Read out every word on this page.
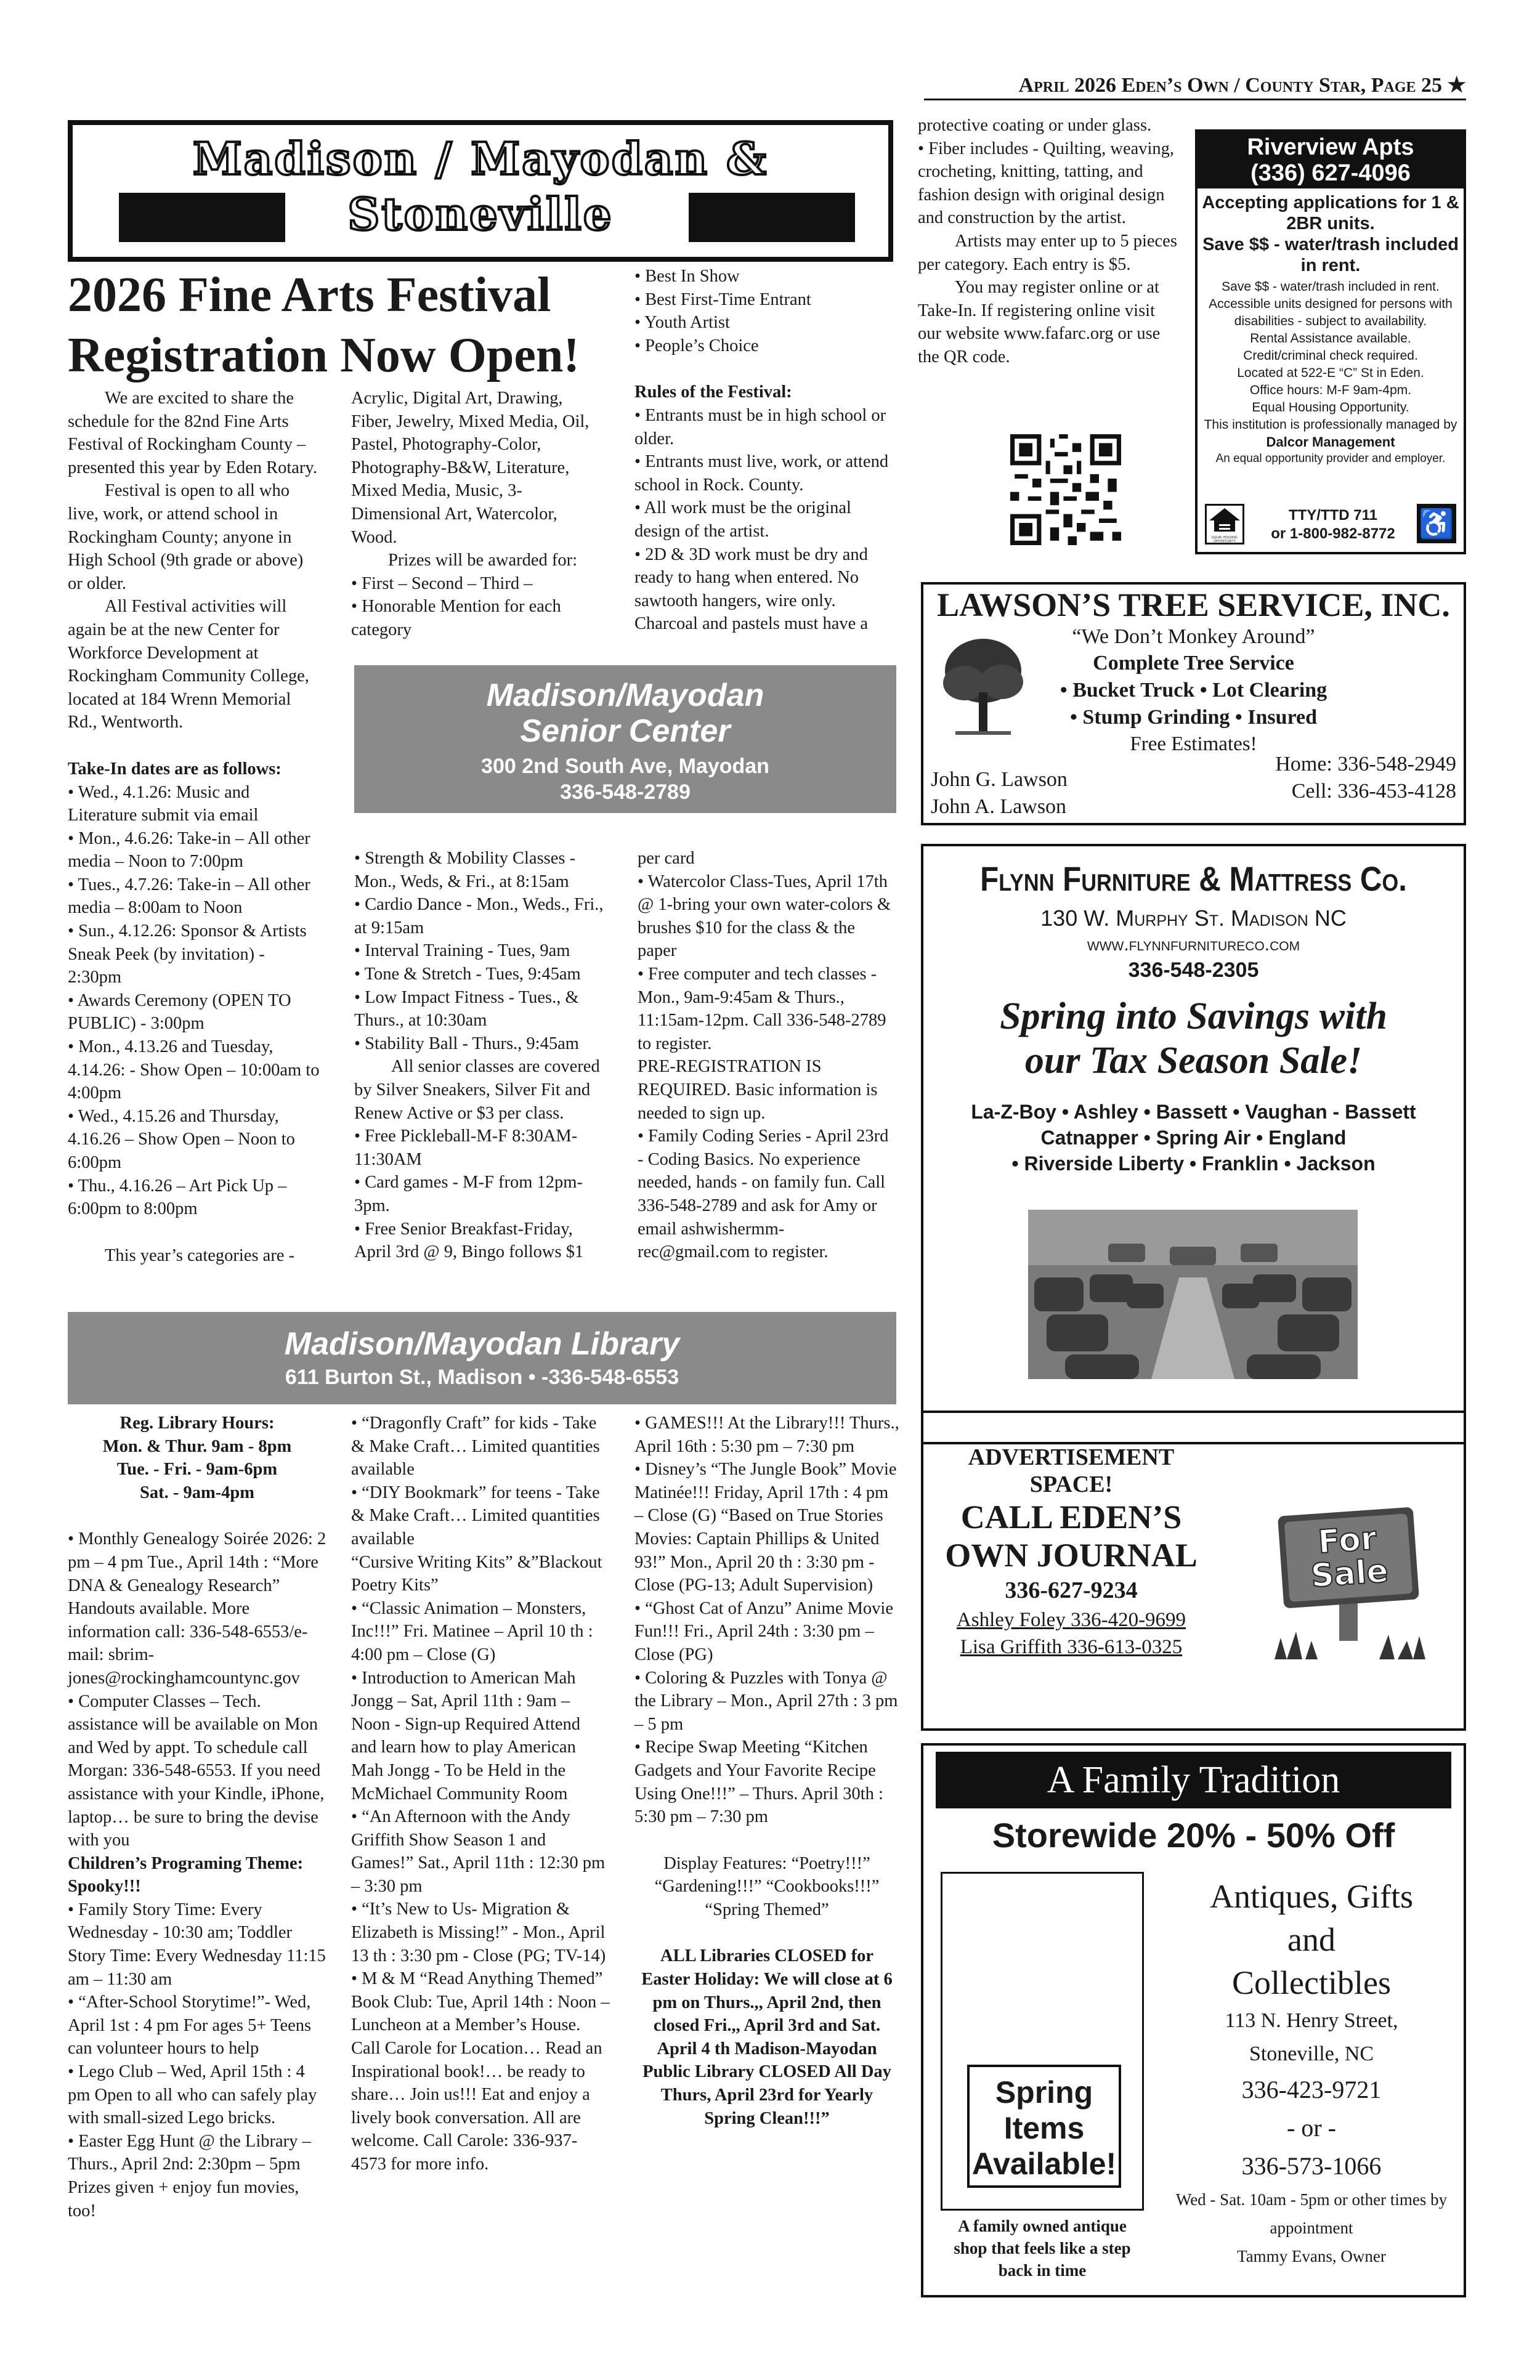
April 2026 Eden’s Own / County Star, Page 25 ★
Madison / Mayodan &
Stoneville
2026 Fine Arts Festival
Registration Now Open!

We are excited to share the schedule for the 82nd Fine Arts Festival of Rockingham County – presented this year by Eden Rotary.

Festival is open to all who live, work, or attend school in Rockingham County; anyone in High School (9th grade or above) or older.

All Festival activities will again be at the new Center for Workforce Development at Rockingham Community College, located at 184 Wrenn Memorial Rd., Wentworth.

Take-In dates are as follows:

• Wed., 4.1.26: Music and Literature submit via email

• Mon., 4.6.26: Take-in – All other media – Noon to 7:00pm

• Tues., 4.7.26: Take-in – All other media – 8:00am to Noon

• Sun., 4.12.26: Sponsor & Artists Sneak Peek (by invitation) - 2:30pm

• Awards Ceremony (OPEN TO PUBLIC) - 3:00pm

• Mon., 4.13.26 and Tuesday, 4.14.26: - Show Open – 10:00am to 4:00pm

• Wed., 4.15.26 and Thursday, 4.16.26 – Show Open – Noon to 6:00pm

• Thu., 4.16.26 – Art Pick Up – 6:00pm to 8:00pm

This year’s categories are -

Acrylic, Digital Art, Drawing, Fiber, Jewelry, Mixed Media, Oil, Pastel, Photography-Color, Photography-B&W, Literature, Mixed Media, Music, 3-Dimensional Art, Watercolor, Wood.

Prizes will be awarded for:

• First – Second – Third –

• Honorable Mention for each category

• Best In Show

• Best First-Time Entrant

• Youth Artist

• People’s Choice

Rules of the Festival:

• Entrants must be in high school or older.

• Entrants must live, work, or attend school in Rock. County.

• All work must be the original design of the artist.

• 2D & 3D work must be dry and ready to hang when entered. No sawtooth hangers, wire only. Charcoal and pastels must have a

protective coating or under glass.

• Fiber includes - Quilting, weaving, crocheting, knitting, tatting, and fashion design with original design and construction by the artist.

Artists may enter up to 5 pieces per category. Each entry is $5.

You may register online or at Take-In. If registering online visit our website www.fafarc.org or use the QR code.

Madison/Mayodan
Senior Center
300 2nd South Ave, Mayodan
336-548-2789

• Strength & Mobility Classes - Mon., Weds, & Fri., at 8:15am

• Cardio Dance - Mon., Weds., Fri., at 9:15am

• Interval Training - Tues, 9am

• Tone & Stretch - Tues, 9:45am

• Low Impact Fitness - Tues., & Thurs., at 10:30am

• Stability Ball - Thurs., 9:45am

All senior classes are covered by Silver Sneakers, Silver Fit and Renew Active or $3 per class.

• Free Pickleball-M-F 8:30AM-11:30AM

• Card games - M-F from 12pm-3pm.

• Free Senior Breakfast-Friday, April 3rd @ 9, Bingo follows $1

per card

• Watercolor Class-Tues, April 17th @ 1-bring your own water-colors & brushes $10 for the class & the paper

• Free computer and tech classes - Mon., 9am-9:45am & Thurs., 11:15am-12pm. Call 336-548-2789 to register.

PRE-REGISTRATION IS REQUIRED. Basic information is needed to sign up.

• Family Coding Series - April 23rd - Coding Basics. No experience needed, hands - on family fun. Call 336-548-2789 and ask for Amy or email ashwishermm-rec@gmail.com to register.

Madison/Mayodan Library
611 Burton St., Madison • -336-548-6553

Reg. Library Hours:

Mon. & Thur. 9am - 8pm

Tue. - Fri. - 9am-6pm

Sat. - 9am-4pm

• Monthly Genealogy Soirée 2026: 2 pm – 4 pm Tue., April 14th : “More DNA & Genealogy Research” Handouts available. More information call: 336-548-6553/e-mail: sbrim-jones@rockinghamcountync.gov

• Computer Classes – Tech. assistance will be available on Mon and Wed by appt. To schedule call Morgan: 336-548-6553. If you need assistance with your Kindle, iPhone, laptop… be sure to bring the devise with you

Children’s Programing Theme: Spooky!!!

• Family Story Time: Every Wednesday - 10:30 am; Toddler Story Time: Every Wednesday 11:15 am – 11:30 am

• “After-School Storytime!”- Wed, April 1st : 4 pm For ages 5+ Teens can volunteer hours to help

• Lego Club – Wed, April 15th : 4 pm Open to all who can safely play with small-sized Lego bricks.

• Easter Egg Hunt @ the Library – Thurs., April 2nd: 2:30pm – 5pm Prizes given + enjoy fun movies, too!

• “Dragonfly Craft” for kids - Take & Make Craft… Limited quantities available

• “DIY Bookmark” for teens - Take & Make Craft… Limited quantities available

“Cursive Writing Kits” &”Blackout Poetry Kits”

• “Classic Animation – Monsters, Inc!!!” Fri. Matinee – April 10 th : 4:00 pm – Close (G)

• Introduction to American Mah Jongg – Sat, April 11th : 9am – Noon - Sign-up Required Attend and learn how to play American Mah Jongg - To be Held in the McMichael Community Room

• “An Afternoon with the Andy Griffith Show Season 1 and Games!” Sat., April 11th : 12:30 pm – 3:30 pm

• “It’s New to Us- Migration & Elizabeth is Missing!” - Mon., April 13 th : 3:30 pm - Close (PG; TV-14)

• M & M “Read Anything Themed” Book Club: Tue, April 14th : Noon – Luncheon at a Member’s House. Call Carole for Location… Read an Inspirational book!… be ready to share… Join us!!! Eat and enjoy a lively book conversation. All are welcome. Call Carole: 336-937-4573 for more info.

• GAMES!!! At the Library!!! Thurs., April 16th : 5:30 pm – 7:30 pm

• Disney’s “The Jungle Book” Movie Matinée!!! Friday, April 17th : 4 pm – Close (G) “Based on True Stories Movies: Captain Phillips & United 93!” Mon., April 20 th : 3:30 pm - Close (PG-13; Adult Supervision)

• “Ghost Cat of Anzu” Anime Movie Fun!!! Fri., April 24th : 3:30 pm – Close (PG)

• Coloring & Puzzles with Tonya @ the Library – Mon., April 27th : 3 pm – 5 pm

• Recipe Swap Meeting “Kitchen Gadgets and Your Favorite Recipe Using One!!!” – Thurs. April 30th : 5:30 pm – 7:30 pm

Display Features: “Poetry!!!” “Gardening!!!” “Cookbooks!!!” “Spring Themed”

ALL Libraries CLOSED for Easter Holiday: We will close at 6 pm on Thurs.,, April 2nd, then closed Fri.,, April 3rd and Sat. April 4 th Madison-Mayodan Public Library CLOSED All Day Thurs, April 23rd for Yearly Spring Clean!!!”

Riverview Apts
(336) 627-4096
Accepting applications for 1 & 2BR units.
Save $$ - water/trash included in rent.
Save $$ - water/trash included in rent.
Accessible units designed for persons with disabilities - subject to availability.
Rental Assistance available.
Credit/criminal check required.
Located at 522-E “C” St in Eden.
Office hours: M-F 9am-4pm.
Equal Housing Opportunity.
This institution is professionally managed by
Dalcor Management
An equal opportunity provider and employer.
EQUAL HOUSING OPPORTUNITY
TTY/TTD 711
or 1-800-982-8772 ♿
LAWSON’S TREE SERVICE, INC.
“We Don’t Monkey Around”
Complete Tree Service
• Bucket Truck • Lot Clearing
• Stump Grinding • Insured
Free Estimates!
John G. Lawson
John A. Lawson
Home: 336-548-2949
Cell: 336-453-4128
Flynn Furniture & Mattress Co.
130 W. Murphy St. Madison NC
www.flynnfurnitureco.com
336-548-2305
Spring into Savings with
our Tax Season Sale!
La-Z-Boy • Ashley • Bassett • Vaughan - Bassett
Catnapper • Spring Air • England
• Riverside Liberty • Franklin • Jackson
ADVERTISEMENT
SPACE!
CALL EDEN’S
OWN JOURNAL
336-627-9234
Ashley Foley 336-420-9699
Lisa Griffith 336-613-0325
For
Sale
A Family Tradition
Storewide 20% - 50% Off
Spring
Items
Available!
A family owned antique shop that feels like a step back in time
Antiques, Gifts
and
Collectibles
113 N. Henry Street,
Stoneville, NC
336-423-9721
- or -
336-573-1066
Wed - Sat. 10am - 5pm or other times by appointment
Tammy Evans, Owner
